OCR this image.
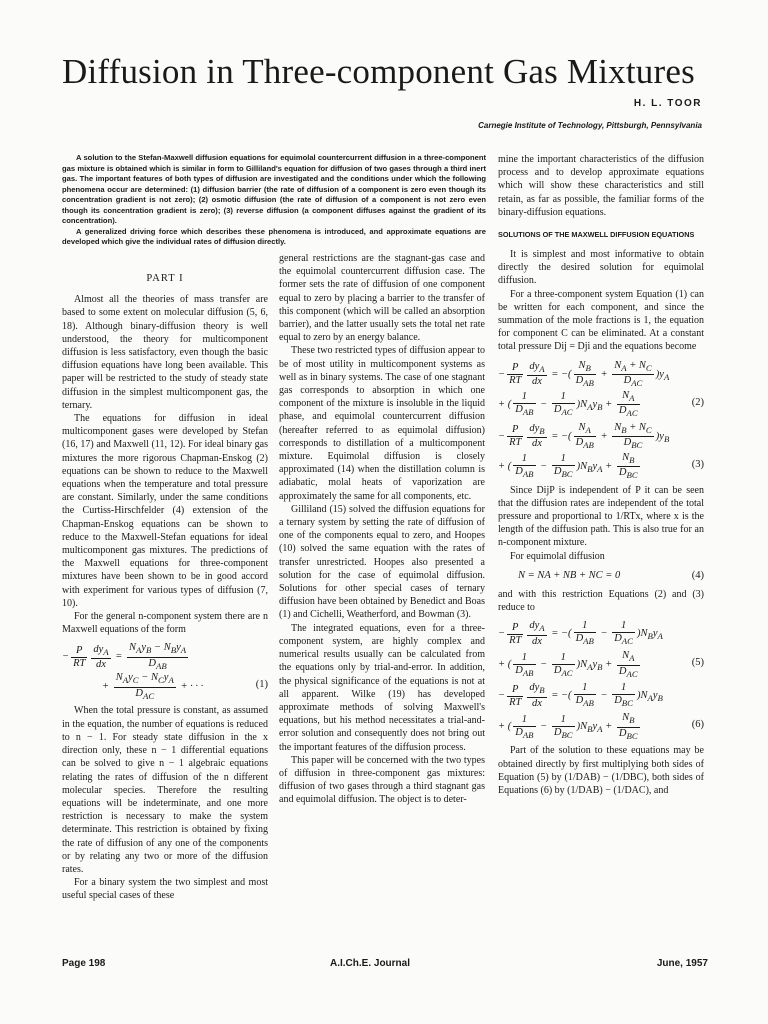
Diffusion in Three-component Gas Mixtures
H. L. TOOR
Carnegie Institute of Technology, Pittsburgh, Pennsylvania

A solution to the Stefan-Maxwell diffusion equations for equimolal countercurrent diffusion in a three-component gas mixture is obtained which is similar in form to Gilliland's equation for diffusion of two gases through a third inert gas. The important features of both types of diffusion are investigated and the conditions under which the following phenomena occur are determined: (1) diffusion barrier (the rate of diffusion of a component is zero even though its concentration gradient is not zero); (2) osmotic diffusion (the rate of diffusion of a component is not zero even though its concentration gradient is zero); (3) reverse diffusion (a component diffuses against the gradient of its concentration).

A generalized driving force which describes these phenomena is introduced, and approximate equations are developed which give the individual rates of diffusion directly.

PART I

Almost all the theories of mass transfer are based to some extent on molecular diffusion (5, 6, 18). Although binary-diffusion theory is well understood, the theory for multicomponent diffusion is less satisfactory, even though the basic diffusion equations have long been available. This paper will be restricted to the study of steady state diffusion in the simplest multicomponent gas, the ternary.

The equations for diffusion in ideal multicomponent gases were developed by Stefan (16, 17) and Maxwell (11, 12). For ideal binary gas mixtures the more rigorous Chapman-Enskog (2) equations can be shown to reduce to the Maxwell equations when the temperature and total pressure are constant. Similarly, under the same conditions the Curtiss-Hirschfelder (4) extension of the Chapman-Enskog equations can be shown to reduce to the Maxwell-Stefan equations for ideal multicomponent gas mixtures. The predictions of the Maxwell equations for three-component mixtures have been shown to be in good accord with experiment for various types of diffusion (7, 10).

For the general n-component system there are n Maxwell equations of the form

− $\frac{P}{RT} \frac{dy_A}{dx} = \frac{N_Ay_B - N_By_A}{D_{AB}}$
+ $\frac{N_Ay_C - N_Cy_A}{D_{AC}}$ + · · ·	(1)

When the total pressure is constant, as assumed in the equation, the number of equations is reduced to n − 1. For steady state diffusion in the x direction only, these n − 1 differential equations can be solved to give n − 1 algebraic equations relating the rates of diffusion of the n different molecular species. Therefore the resulting equations will be indeterminate, and one more restriction is necessary to make the system determinate. This restriction is obtained by fixing the rate of diffusion of any one of the components or by relating any two or more of the diffusion rates.

For a binary system the two simplest and most useful special cases of these

general restrictions are the stagnant-gas case and the equimolal countercurrent diffusion case. The former sets the rate of diffusion of one component equal to zero by placing a barrier to the transfer of this component (which will be called an absorption barrier), and the latter usually sets the total net rate equal to zero by an energy balance.

These two restricted types of diffusion appear to be of most utility in multicomponent systems as well as in binary systems. The case of one stagnant gas corresponds to absorption in which one component of the mixture is insoluble in the liquid phase, and equimolal countercurrent diffusion (hereafter referred to as equimolal diffusion) corresponds to distillation of a multicomponent mixture. Equimolal diffusion is closely approximated (14) when the distillation column is adiabatic, molal heats of vaporization are approximately the same for all components, etc.

Gilliland (15) solved the diffusion equations for a ternary system by setting the rate of diffusion of one of the components equal to zero, and Hoopes (10) solved the same equation with the rates of transfer unrestricted. Hoopes also presented a solution for the case of equimolal diffusion. Solutions for other special cases of ternary diffusion have been obtained by Benedict and Boas (1) and Cichelli, Weatherford, and Bowman (3).

The integrated equations, even for a three-component system, are highly complex and numerical results usually can be calculated from the equations only by trial-and-error. In addition, the physical significance of the equations is not at all apparent. Wilke (19) has developed approximate methods of solving Maxwell's equations, but his method necessitates a trial-and-error solution and consequently does not bring out the important features of the diffusion process.

This paper will be concerned with the two types of diffusion in three-component gas mixtures: diffusion of two gases through a third stagnant gas and equimolal diffusion. The object is to deter-

mine the important characteristics of the diffusion process and to develop approximate equations which will show these characteristics and still retain, as far as possible, the familiar forms of the binary-diffusion equations.

SOLUTIONS OF THE MAXWELL DIFFUSION EQUATIONS

It is simplest and most informative to obtain directly the desired solution for equimolal diffusion.

For a three-component system Equation (1) can be written for each component, and since the summation of the mole fractions is 1, the equation for component C can be eliminated. At a constant total pressure Dij = Dji and the equations become

− $\frac{P}{RT} \frac{dy_A}{dx}$ = −( $\frac{N_B}{D_{AB}} + \frac{N_A + N_C}{D_{AC}} )y_A$
+ ( $\frac{1}{D_{AB}} - \frac{1}{D_{AC}} )N_Ay_B + \frac{N_A}{D_{AC}}$	(2)
− $\frac{P}{RT} \frac{dy_B}{dx}$ = −( $\frac{N_A}{D_{AB}} + \frac{N_B + N_C}{D_{BC}} )y_B$
+ ( $\frac{1}{D_{AB}} - \frac{1}{D_{BC}} )N_By_A + \frac{N_B}{D_{BC}}$	(3)

Since DijP is independent of P it can be seen that the diffusion rates are independent of the total pressure and proportional to 1/RTx, where x is the length of the diffusion path. This is also true for an n-component mixture.

For equimolal diffusion

N = NA + NB + NC = 0	(4)

and with this restriction Equations (2) and (3) reduce to

− $\frac{P}{RT} \frac{dy_A}{dx}$ = −( $\frac{1}{D_{AB}} - \frac{1}{D_{AC}} )N_By_A$
+ ( $\frac{1}{D_{AB}} - \frac{1}{D_{AC}} )N_Ay_B + \frac{N_A}{D_{AC}}$	(5)
− $\frac{P}{RT} \frac{dy_B}{dx}$ = −( $\frac{1}{D_{AB}} - \frac{1}{D_{BC}} )N_Ay_B$
+ ( $\frac{1}{D_{AB}} - \frac{1}{D_{BC}} )N_By_A + \frac{N_B}{D_{BC}}$	(6)

Part of the solution to these equations may be obtained directly by first multiplying both sides of Equation (5) by (1/DAB) − (1/DBC), both sides of Equations (6) by (1/DAB) − (1/DAC), and

Page 198	A.I.Ch.E. Journal	June, 1957
